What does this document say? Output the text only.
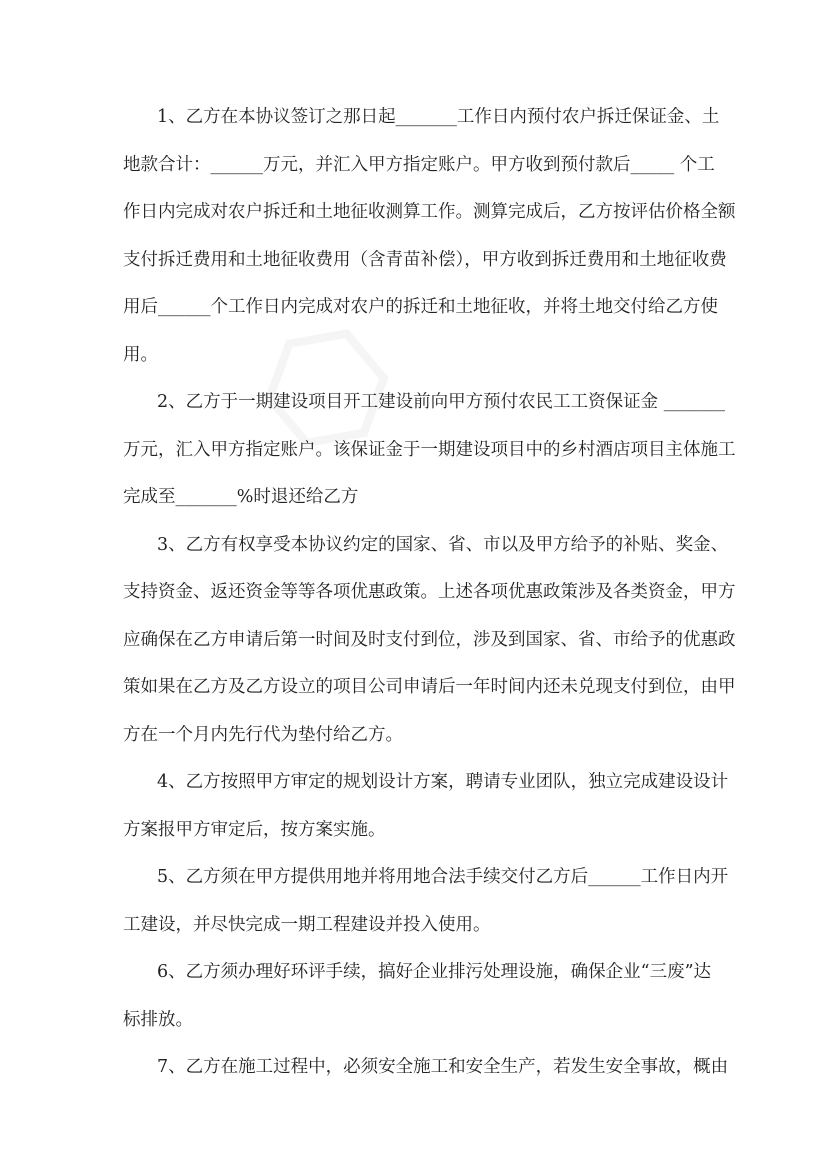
1、乙方在本协议签订之那日起_______工作日内预付农户拆迁保证金、土
地款合计：______万元，并汇入甲方指定账户。甲方收到预付款后_____ 个工
作日内完成对农户拆迁和土地征收测算工作。测算完成后，乙方按评估价格全额
支付拆迁费用和土地征收费用（含青苗补偿），甲方收到拆迁费用和土地征收费
用后______个工作日内完成对农户的拆迁和土地征收，并将土地交付给乙方使
用。
2、乙方于一期建设项目开工建设前向甲方预付农民工工资保证金 _______
万元，汇入甲方指定账户。该保证金于一期建设项目中的乡村酒店项目主体施工
完成至_______%时退还给乙方
3、乙方有权享受本协议约定的国家、省、市以及甲方给予的补贴、奖金、
支持资金、返还资金等等各项优惠政策。上述各项优惠政策涉及各类资金，甲方
应确保在乙方申请后第一时间及时支付到位，涉及到国家、省、市给予的优惠政
策如果在乙方及乙方设立的项目公司申请后一年时间内还未兑现支付到位，由甲
方在一个月内先行代为垫付给乙方。
4、乙方按照甲方审定的规划设计方案，聘请专业团队，独立完成建设设计
方案报甲方审定后，按方案实施。
5、乙方须在甲方提供用地并将用地合法手续交付乙方后______工作日内开
工建设，并尽快完成一期工程建设并投入使用。
6、乙方须办理好环评手续，搞好企业排污处理设施，确保企业“三废”达
标排放。
7、乙方在施工过程中，必须安全施工和安全生产，若发生安全事故，概由
